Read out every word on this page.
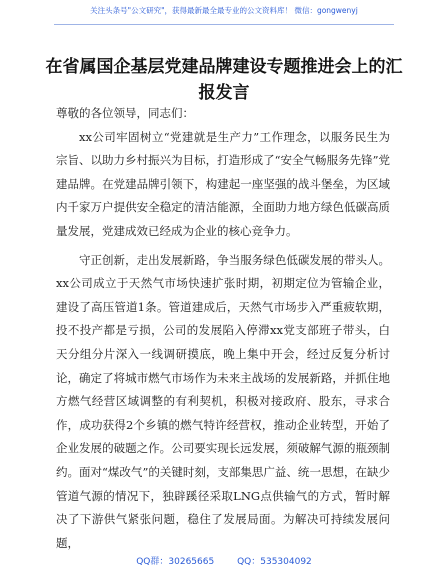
关注头条号"公文研究"，获得最新最全最专业的公文资料库！ 微信：gongwenyj
在省属国企基层党建品牌建设专题推进会上的汇报发言

尊敬的各位领导，同志们：

xx公司牢固树立“党建就是生产力”工作理念，以服务民生为宗旨、以助力乡村振兴为目标，打造形成了“安全气畅服务先锋”党建品牌。在党建品牌引领下，构建起一座坚强的战斗堡垒，为区域内千家万户提供安全稳定的清洁能源，全面助力地方绿色低碳高质量发展，党建成效已经成为企业的核心竞争力。

守正创新，走出发展新路，争当服务绿色低碳发展的带头人。xx公司成立于天然气市场快速扩张时期，初期定位为管输企业，建设了高压管道1条。管道建成后，天然气市场步入严重疲软期，投不投产都是亏损，公司的发展陷入停滞xx党支部班子带头，白天分组分片深入一线调研摸底，晚上集中开会，经过反复分析讨论，确定了将城市燃气市场作为未来主战场的发展新路，并抓住地方燃气经营区域调整的有利契机，积极对接政府、股东，寻求合作，成功获得2个乡镇的燃气特许经营权，推动企业转型，开始了企业发展的破题之作。公司要实现长远发展，须破解气源的瓶颈制约。面对“煤改气”的关键时刻，支部集思广益、统一思想，在缺少管道气源的情况下，独辟蹊径采取LNG点供输气的方式，暂时解决了下游供气紧张问题，稳住了发展局面。为解决可持续发展问题，

QQ群：30265665	QQ：535304092
